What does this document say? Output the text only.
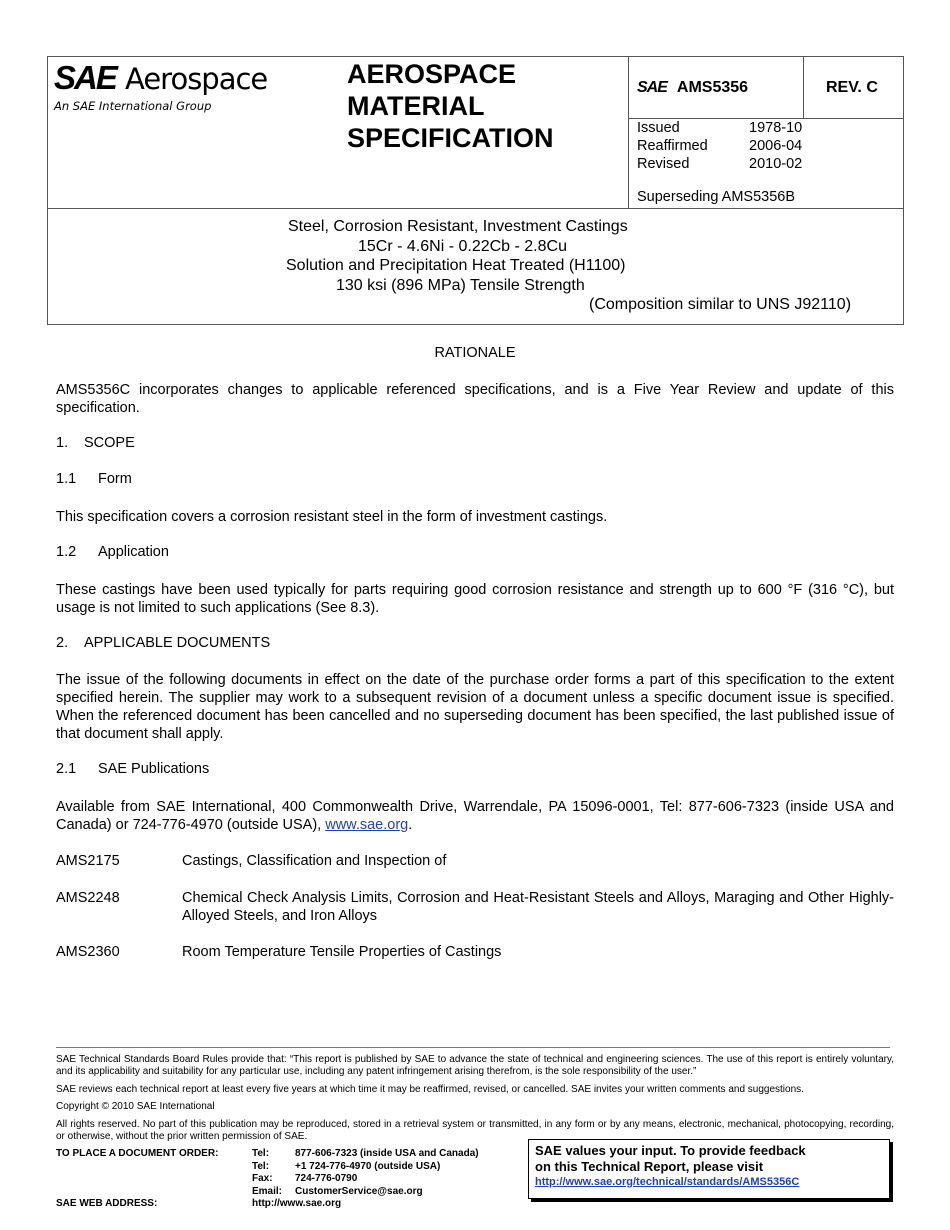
SAE Aerospace
An SAE International Group
AEROSPACE
MATERIAL
SPECIFICATION
SAE AMS5356	REV. C
Issued	1978-10
Reaffirmed	2006-04
Revised	2010-02
Superseding AMS5356B
Steel, Corrosion Resistant, Investment Castings
15Cr - 4.6Ni - 0.22Cb - 2.8Cu
Solution and Precipitation Heat Treated (H1100)
130 ksi (896 MPa) Tensile Strength
(Composition similar to UNS J92110)
RATIONALE
AMS5356C incorporates changes to applicable referenced specifications, and is a Five Year Review and update of this specification.
1. SCOPE
1.1 Form
This specification covers a corrosion resistant steel in the form of investment castings.
1.2 Application
These castings have been used typically for parts requiring good corrosion resistance and strength up to 600 °F (316 °C), but usage is not limited to such applications (See 8.3).
2. APPLICABLE DOCUMENTS
The issue of the following documents in effect on the date of the purchase order forms a part of this specification to the extent specified herein. The supplier may work to a subsequent revision of a document unless a specific document issue is specified. When the referenced document has been cancelled and no superseding document has been specified, the last published issue of that document shall apply.
2.1 SAE Publications
Available from SAE International, 400 Commonwealth Drive, Warrendale, PA 15096-0001, Tel: 877-606-7323 (inside USA and Canada) or 724-776-4970 (outside USA), www.sae.org.
AMS2175	Castings, Classification and Inspection of
AMS2248	Chemical Check Analysis Limits, Corrosion and Heat-Resistant Steels and Alloys, Maraging and Other Highly-Alloyed Steels, and Iron Alloys
AMS2360	Room Temperature Tensile Properties of Castings
SAE Technical Standards Board Rules provide that: “This report is published by SAE to advance the state of technical and engineering sciences. The use of this report is entirely voluntary, and its applicability and suitability for any particular use, including any patent infringement arising therefrom, is the sole responsibility of the user.”
SAE reviews each technical report at least every five years at which time it may be reaffirmed, revised, or cancelled. SAE invites your written comments and suggestions.
Copyright © 2010 SAE International
All rights reserved. No part of this publication may be reproduced, stored in a retrieval system or transmitted, in any form or by any means, electronic, mechanical, photocopying, recording, or otherwise, without the prior written permission of SAE.
TO PLACE A DOCUMENT ORDER:	Tel:	877-606-7323 (inside USA and Canada)
Tel:	+1 724-776-4970 (outside USA)
Fax: 724-776-0790
Email: CustomerService@sae.org
SAE WEB ADDRESS:	http://www.sae.org
SAE values your input. To provide feedback
on this Technical Report, please visit
http://www.sae.org/technical/standards/AMS5356C
